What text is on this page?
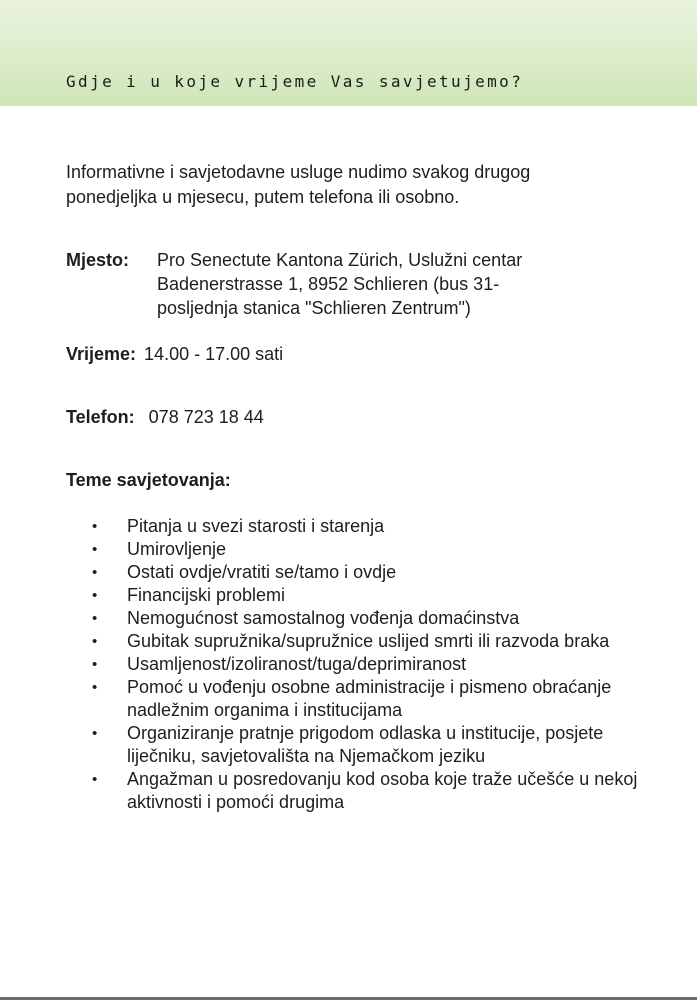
Gdje i u koje vrijeme Vas savjetujemo?
Informativne i savjetodavne usluge nudimo svakog drugog ponedjeljka u mjesecu, putem telefona ili osobno.
Mjesto:	Pro Senectute Kantona Zürich, Uslužni centar Badenerstrasse 1, 8952 Schlieren (bus 31-posljednja stanica "Schlieren Zentrum")
Vrijeme: 14.00 - 17.00 sati
Telefon: 078 723 18 44
Teme savjetovanja:
• Pitanja u svezi starosti i starenja
• Umirovljenje
• Ostati ovdje/vratiti se/tamo i ovdje
• Financijski problemi
• Nemogućnost samostalnog vođenja domaćinstva
• Gubitak supružnika/supružnice uslijed smrti ili razvoda braka
• Usamljenost/izoliranost/tuga/deprimiranost
• Pomoć u vođenju osobne administracije i pismeno obraćanje nadležnim organima i institucijama
• Organiziranje pratnje prigodom odlaska u institucije, posjete liječniku, savjetovališta na Njemačkom jeziku
• Angažman u posredovanju kod osoba koje traže učešće u nekoj aktivnosti i pomoći drugima
